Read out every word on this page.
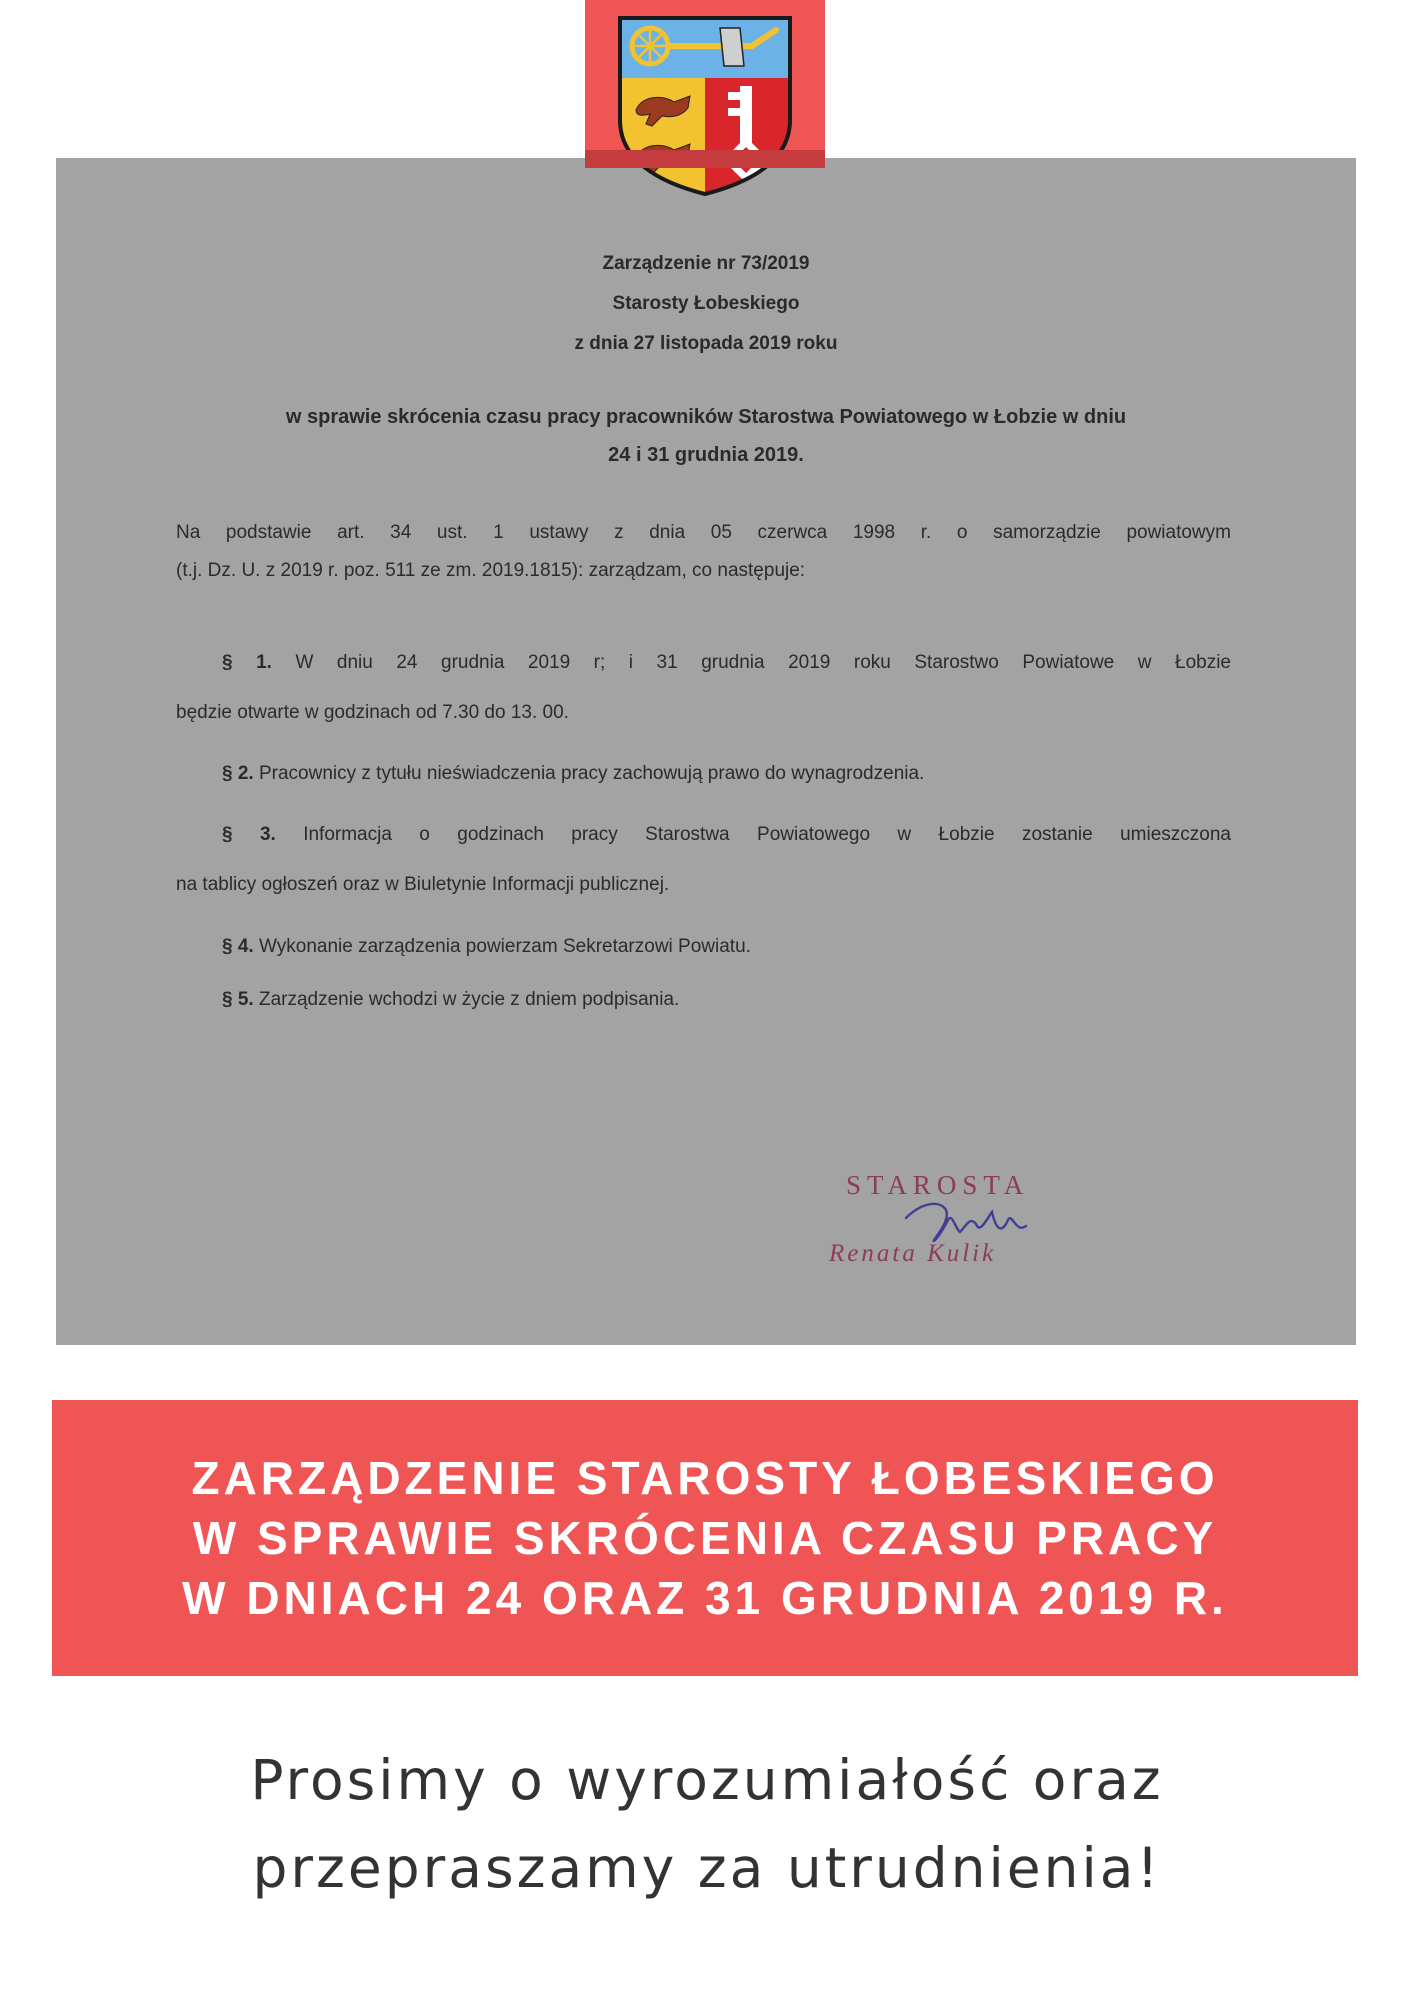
Zarządzenie nr 73/2019
Starosty Łobeskiego
z dnia 27 listopada 2019 roku
w sprawie skrócenia czasu pracy pracowników Starostwa Powiatowego w Łobzie w dniu
24 i 31 grudnia 2019.
Na podstawie art. 34 ust. 1 ustawy z dnia 05 czerwca 1998 r. o samorządzie powiatowym
(t.j. Dz. U. z 2019 r. poz. 511 ze zm. 2019.1815): zarządzam, co następuje:
§ 1. W dniu 24 grudnia 2019 r; i 31 grudnia 2019 roku Starostwo Powiatowe w Łobzie
będzie otwarte w godzinach od 7.30 do 13. 00.
§ 2. Pracownicy z tytułu nieświadczenia pracy zachowują prawo do wynagrodzenia.
§ 3. Informacja o godzinach pracy Starostwa Powiatowego w Łobzie zostanie umieszczona
na tablicy ogłoszeń oraz w Biuletynie Informacji publicznej.
§ 4. Wykonanie zarządzenia powierzam Sekretarzowi Powiatu.
§ 5. Zarządzenie wchodzi w życie z dniem podpisania.
STAROSTA
Renata Kulik
ZARZĄDZENIE STAROSTY ŁOBESKIEGO
W SPRAWIE SKRÓCENIA CZASU PRACY
W DNIACH 24 ORAZ 31 GRUDNIA 2019 R.
Prosimy o wyrozumiałość oraz
przepraszamy za utrudnienia!
